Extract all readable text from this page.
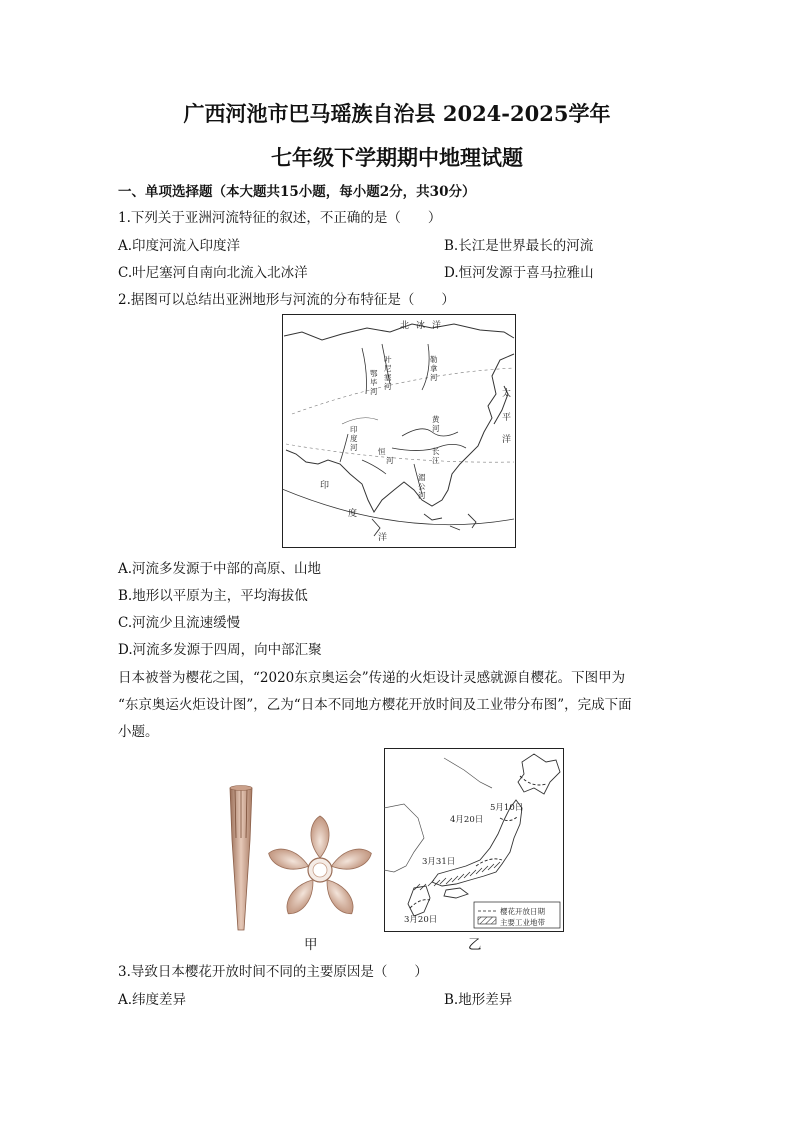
广西河池市巴马瑶族自治县 2024-2025学年
七年级下学期期中地理试题
一、单项选择题（本大题共15小题，每小题2分，共30分）
1.下列关于亚洲河流特征的叙述，不正确的是（　　）
A.印度河流入印度洋	B.长江是世界最长的河流
C.叶尼塞河自南向北流入北冰洋	D.恒河发源于喜马拉雅山
2.据图可以总结出亚洲地形与河流的分布特征是（　　）
北 冰 洋 太 平 洋 印 度 洋
叶 尼 塞 河 鄂 毕 河 勒 拿 河 黄 河 长 江 恒 河 印 度 河 湄 公 河
A.河流多发源于中部的高原、山地
B.地形以平原为主，平均海拔低
C.河流少且流速缓慢
D.河流多发源于四周，向中部汇聚
日本被誉为樱花之国，“2020东京奥运会”传递的火炬设计灵感就源自樱花。下图甲为
“东京奥运火炬设计图”，乙为“日本不同地方樱花开放时间及工业带分布图”，完成下面
小题。
甲
5月10日 4月20日 3月31日 3月20日
樱花开放日期 主要工业地带
乙
3.导致日本樱花开放时间不同的主要原因是（　　）
A.纬度差异	B.地形差异
